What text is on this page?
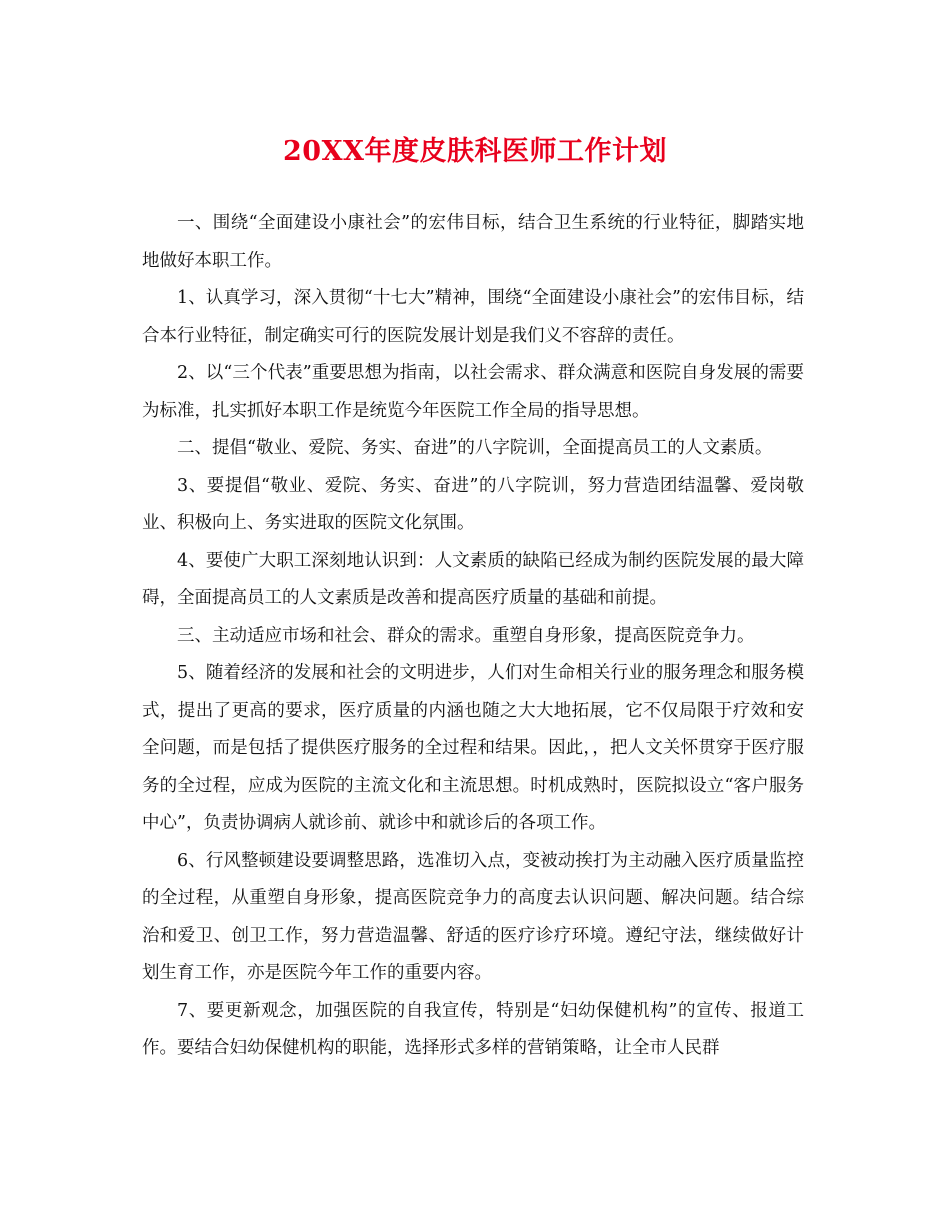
20XX年度皮肤科医师工作计划

一、围绕“全面建设小康社会”的宏伟目标，结合卫生系统的行业特征，脚踏实地地做好本职工作。

1、认真学习，深入贯彻“十七大”精神，围绕“全面建设小康社会”的宏伟目标，结合本行业特征，制定确实可行的医院发展计划是我们义不容辞的责任。

2、以“三个代表”重要思想为指南，以社会需求、群众满意和医院自身发展的需要为标准，扎实抓好本职工作是统览今年医院工作全局的指导思想。

二、提倡“敬业、爱院、务实、奋进”的八字院训，全面提高员工的人文素质。

3、要提倡“敬业、爱院、务实、奋进”的八字院训，努力营造团结温馨、爱岗敬业、积极向上、务实进取的医院文化氛围。

4、要使广大职工深刻地认识到：人文素质的缺陷已经成为制约医院发展的最大障碍，全面提高员工的人文素质是改善和提高医疗质量的基础和前提。

三、主动适应市场和社会、群众的需求。重塑自身形象，提高医院竞争力。

5、随着经济的发展和社会的文明进步，人们对生命相关行业的服务理念和服务模式，提出了更高的要求，医疗质量的内涵也随之大大地拓展，它不仅局限于疗效和安全问题，而是包括了提供医疗服务的全过程和结果。因此，，把人文关怀贯穿于医疗服务的全过程，应成为医院的主流文化和主流思想。时机成熟时，医院拟设立“客户服务中心”，负责协调病人就诊前、就诊中和就诊后的各项工作。

6、行风整顿建设要调整思路，选准切入点，变被动挨打为主动融入医疗质量监控的全过程，从重塑自身形象，提高医院竞争力的高度去认识问题、解决问题。结合综治和爱卫、创卫工作，努力营造温馨、舒适的医疗诊疗环境。遵纪守法，继续做好计划生育工作，亦是医院今年工作的重要内容。

7、要更新观念，加强医院的自我宣传，特别是“妇幼保健机构”的宣传、报道工作。要结合妇幼保健机构的职能，选择形式多样的营销策略，让全市人民群
